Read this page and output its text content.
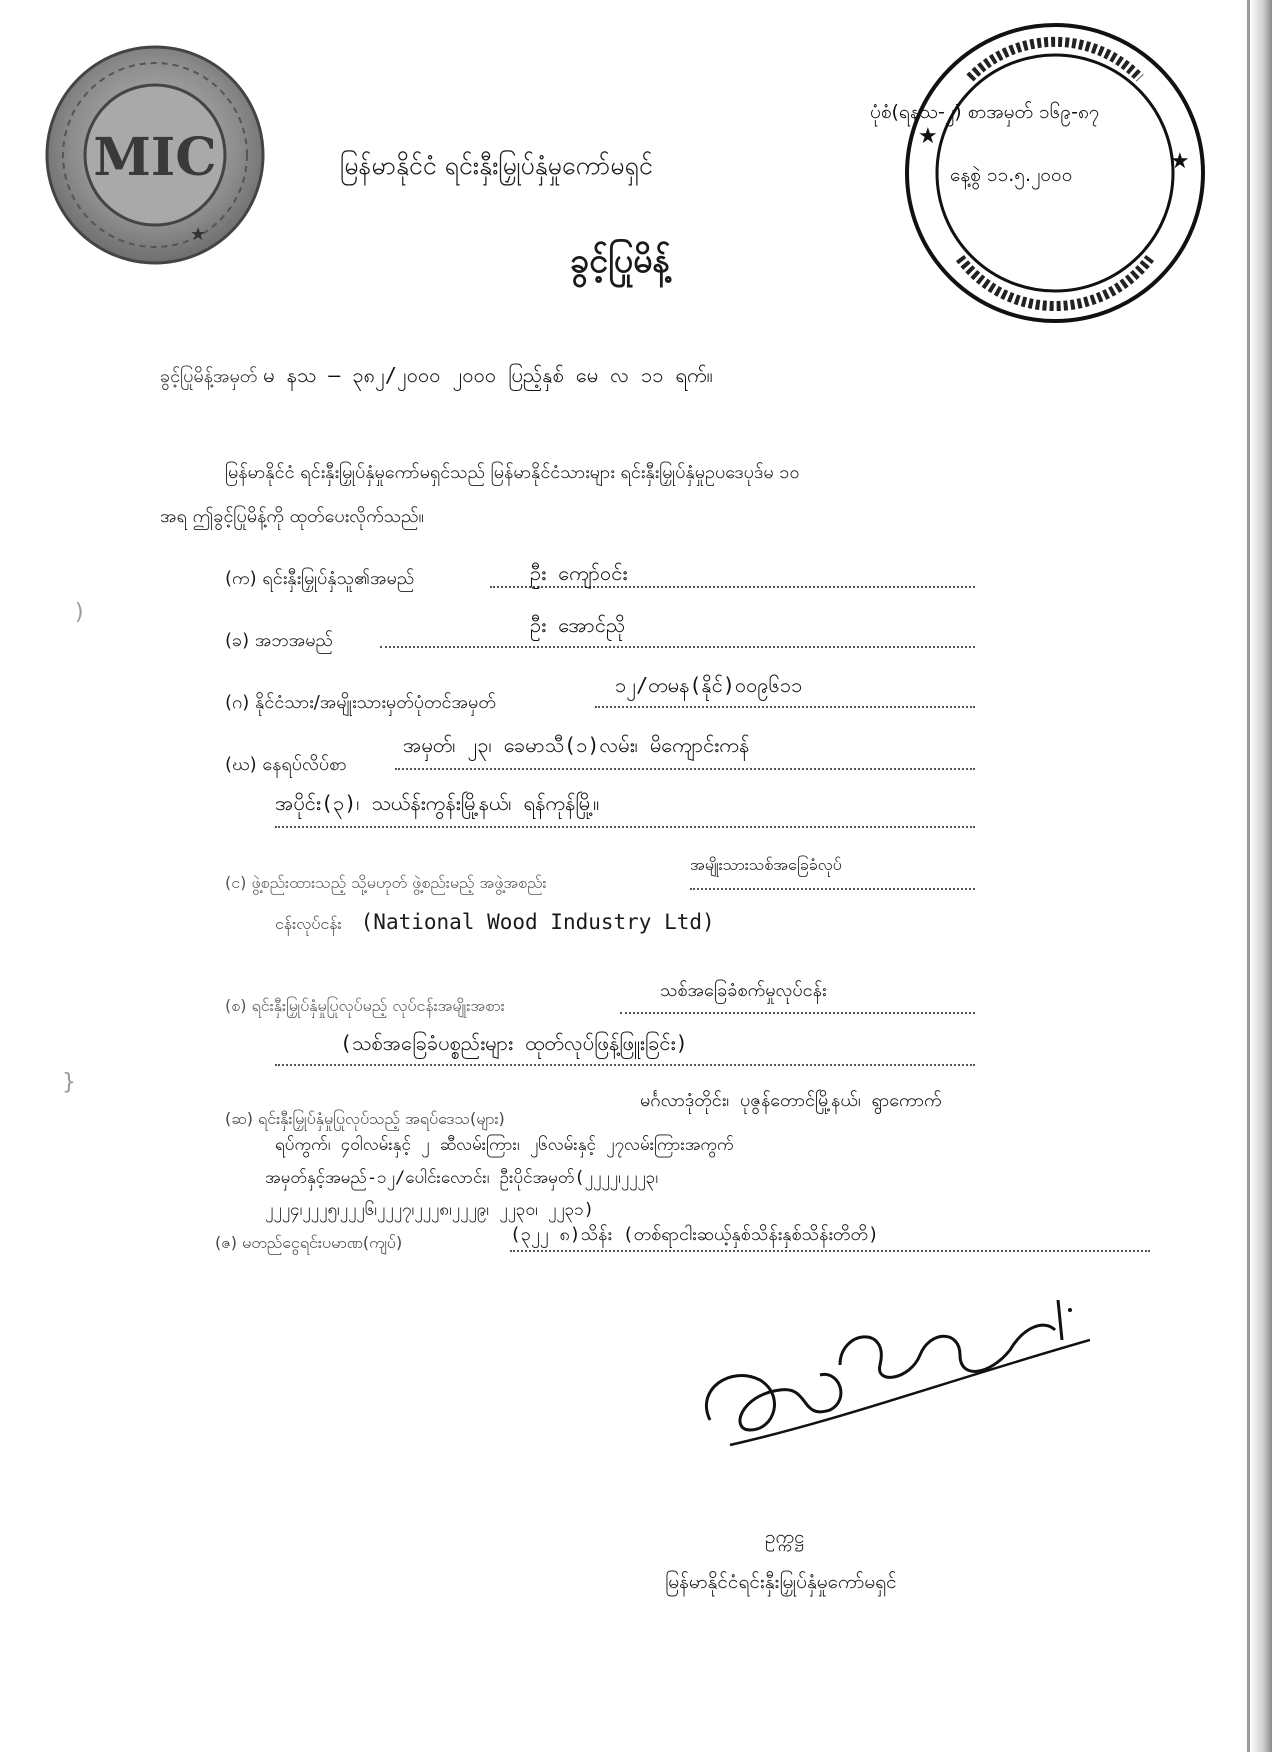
MIC
★
★
★
ပုံစံ(ရနသ-၂) စာအမှတ် ၁၆၉-၈၇
နေ့စွဲ ၁၁.၅.၂၀၀၀
မြန်မာနိုင်ငံ ရင်းနှီးမြှုပ်နှံမှုကော်မရှင်
ခွင့်ပြုမိန့်
ခွင့်ပြုမိန့်အမှတ် မ နသ – ၃၈၂/၂၀၀၀ ၂၀၀၀ ပြည့်နှစ် မေ လ ၁၁ ရက်။
မြန်မာနိုင်ငံ ရင်းနှီးမြှုပ်နှံမှုကော်မရှင်သည် မြန်မာနိုင်ငံသားများ ရင်းနှီးမြှုပ်နှံမှုဥပဒေပုဒ်မ ၁၀
အရ ဤခွင့်ပြုမိန့်ကို ထုတ်ပေးလိုက်သည်။
(က) ရင်းနှီးမြှုပ်နှံသူ၏အမည်	ဦး ကျော်ဝင်း
(ခ) အဘအမည်
ဦး အောင်ညို
(ဂ) နိုင်ငံသား/အမျိုးသားမှတ်ပုံတင်အမှတ်
၁၂/တမန(နိုင်)၀၀၉၆၁၁
(ဃ) နေရပ်လိပ်စာ
အမှတ်၊ ၂၃၊ ခေမာသီ(၁)လမ်း၊ မိကျောင်းကန်
အပိုင်း(၃)၊ သယ်န်းကွန်းမြို့နယ်၊ ရန်ကုန်မြို့။
(င) ဖွဲ့စည်းထားသည့် သို့မဟုတ် ဖွဲ့စည်းမည့် အဖွဲ့အစည်း
အမျိုးသားသစ်အခြေခံလုပ်
ငန်းလုပ်ငန်း (National Wood Industry Ltd)
(စ) ရင်းနှီးမြှုပ်နှံမှုပြုလုပ်မည့် လုပ်ငန်းအမျိုးအစား
သစ်အခြေခံစက်မှုလုပ်ငန်း
(သစ်အခြေခံပစ္စည်းများ ထုတ်လုပ်ဖြန့်ဖြူးခြင်း)
(ဆ) ရင်းနှီးမြှုပ်နှံမှုပြုလုပ်သည့် အရပ်ဒေသ(များ)
မင်္ဂလာဒုံတိုင်း၊ ပုဇွန်တောင်မြို့နယ်၊ ရွာကောက်
ရပ်ကွက်၊ ၄ဝါလမ်းနှင့် ၂ ဆီလမ်းကြား၊ ၂၆လမ်းနှင့် ၂၇လမ်းကြားအကွက်
အမှတ်နှင့်အမည်-၁၂/ပေါင်းလောင်း၊ ဦးပိုင်အမှတ်(၂၂၂၂၊၂၂၂၃၊
၂၂၂၄၊၂၂၂၅၊၂၂၂၆၊၂၂၂၇၊၂၂၂၈၊၂၂၂၉၊ ၂၂၃၀၊ ၂၂၃၁)
(ဇ) မတည်ငွေရင်းပမာဏ(ကျပ်)	(၃၂၂ ၈)သိန်း (တစ်ရာငါးဆယ့်နှစ်သိန်းနှစ်သိန်းတိတိ)
ဥက္ကဋ္ဌ
မြန်မာနိုင်ငံရင်းနှီးမြှုပ်နှံမှုကော်မရှင်
)
}
